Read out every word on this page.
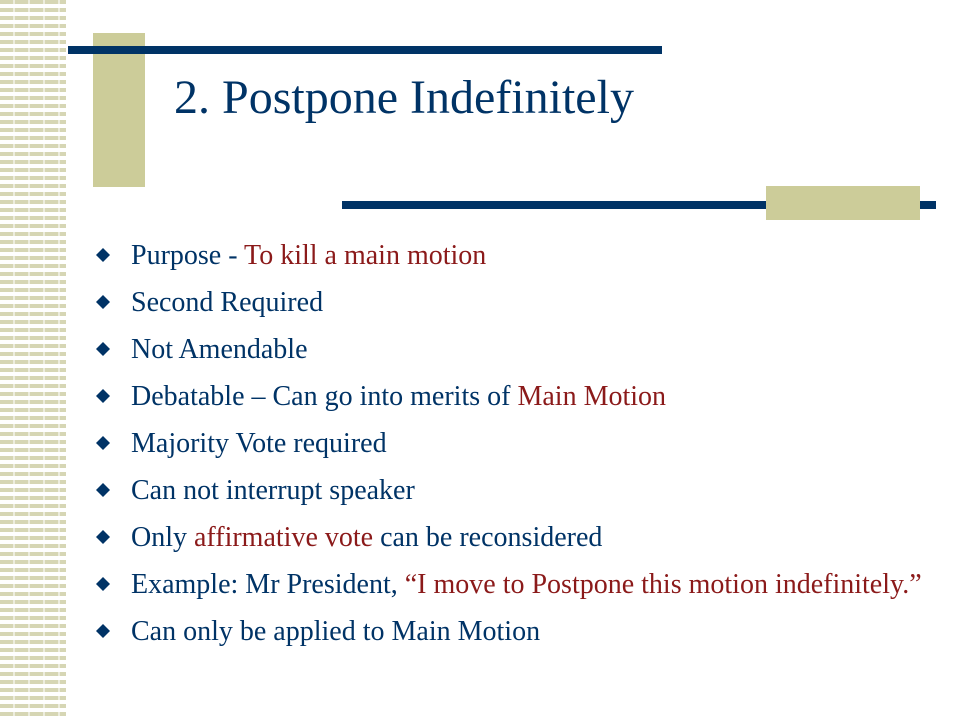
2. Postpone Indefinitely
Purpose - To kill a main motion
Second Required
Not Amendable
Debatable – Can go into merits of Main Motion
Majority Vote required
Can not interrupt speaker
Only affirmative vote can be reconsidered
Example: Mr President, “I move to Postpone this motion indefinitely.”
Can only be applied to Main Motion
